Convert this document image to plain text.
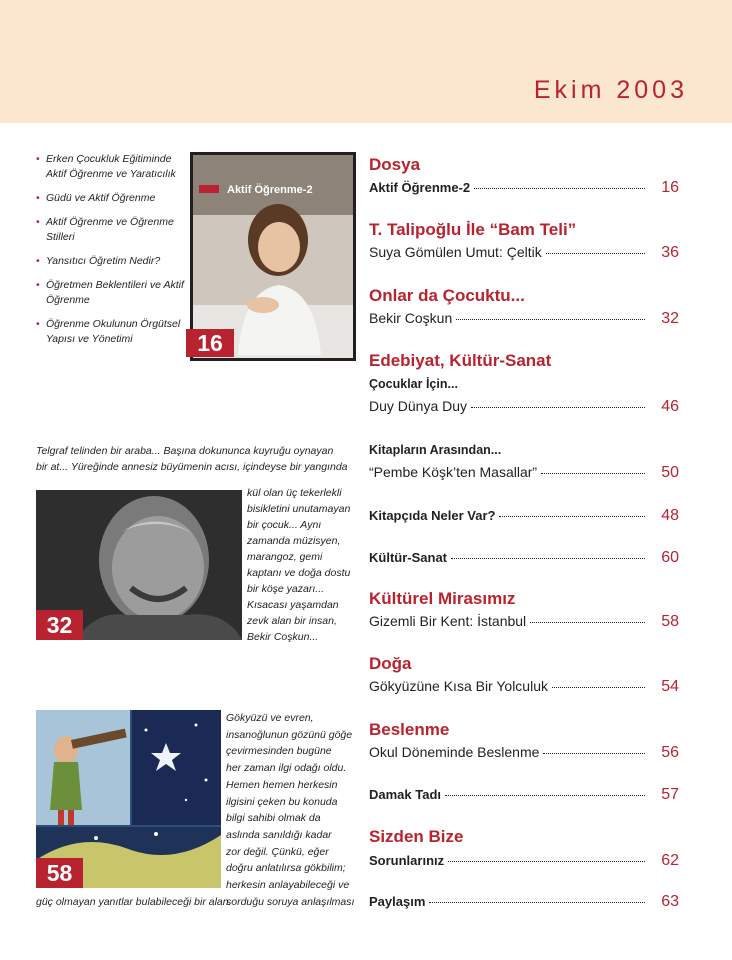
Ekim 2003
• Erken Çocukluk Eğitiminde Aktif Öğrenme ve Yaratıcılık
• Güdü ve Aktif Öğrenme
• Aktif Öğrenme ve Öğrenme Stilleri
• Yansıtıcı Öğretim Nedir?
• Öğretmen Beklentileri ve Aktif Öğrenme
• Öğrenme Okulunun Örgütsel Yapısı ve Yönetimi
Aktif Öğrenme-2
16
Telgraf telinden bir araba... Başına dokununca kuyruğu oynayan
bir at... Yüreğinde annesiz büyümenin acısı, içindeyse bir yangında
32
kül olan üç tekerlekli
bisikletini unutamayan
bir çocuk... Aynı
zamanda müzisyen,
marangoz, gemi
kaptanı ve doğa dostu
bir köşe yazarı...
Kısacası yaşamdan
zevk alan bir insan,
Bekir Coşkun...
58
Gökyüzü ve evren,
insanoğlunun gözünü göğe
çevirmesinden bugüne
her zaman ilgi odağı oldu.
Hemen hemen herkesin
ilgisini çeken bu konuda
bilgi sahibi olmak da
aslında sanıldığı kadar
zor değil. Çünkü, eğer
doğru anlatılırsa gökbilim;
herkesin anlayabileceği ve
sorduğu soruya anlaşılması
güç olmayan yanıtlar bulabileceği bir alan.
Dosya
Aktif Öğrenme-2	16
T. Talipoğlu İle “Bam Teli”
Suya Gömülen Umut: Çeltik	36
Onlar da Çocuktu...
Bekir Coşkun	32
Edebiyat, Kültür-Sanat
Çocuklar İçin...
Duy Dünya Duy	46
Kitapların Arasından...
“Pembe Köşk’ten Masallar”	50
Kitapçıda Neler Var?	48
Kültür-Sanat	60
Kültürel Mirasımız
Gizemli Bir Kent: İstanbul	58
Doğa
Gökyüzüne Kısa Bir Yolculuk	54
Beslenme
Okul Döneminde Beslenme	56
Damak Tadı	57
Sizden Bize
Sorunlarınız	62
Paylaşım	63
